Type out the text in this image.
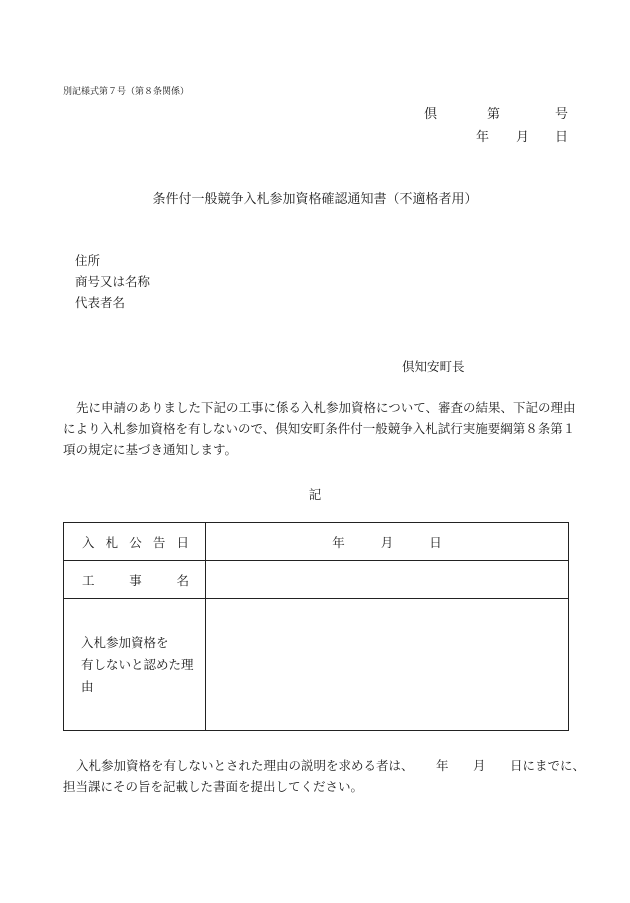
別記様式第７号（第８条関係）
倶	第	号
年 月 日
条件付一般競争入札参加資格確認通知書（不適格者用）
住所
商号又は名称
代表者名
倶知安町長
先に申請のありました下記の工事に係る入札参加資格について、審査の結果、下記の理由により入札参加資格を有しないので、倶知安町条件付一般競争入札試行実施要綱第８条第１項の規定に基づき通知します。
記
入 札 公 告 日	年 月 日

工 事 名	

入札参加資格を
有しないと認めた理由	

入札参加資格を有しないとされた理由の説明を求める者は、 年 月 日にまでに、
担当課にその旨を記載した書面を提出してください。
